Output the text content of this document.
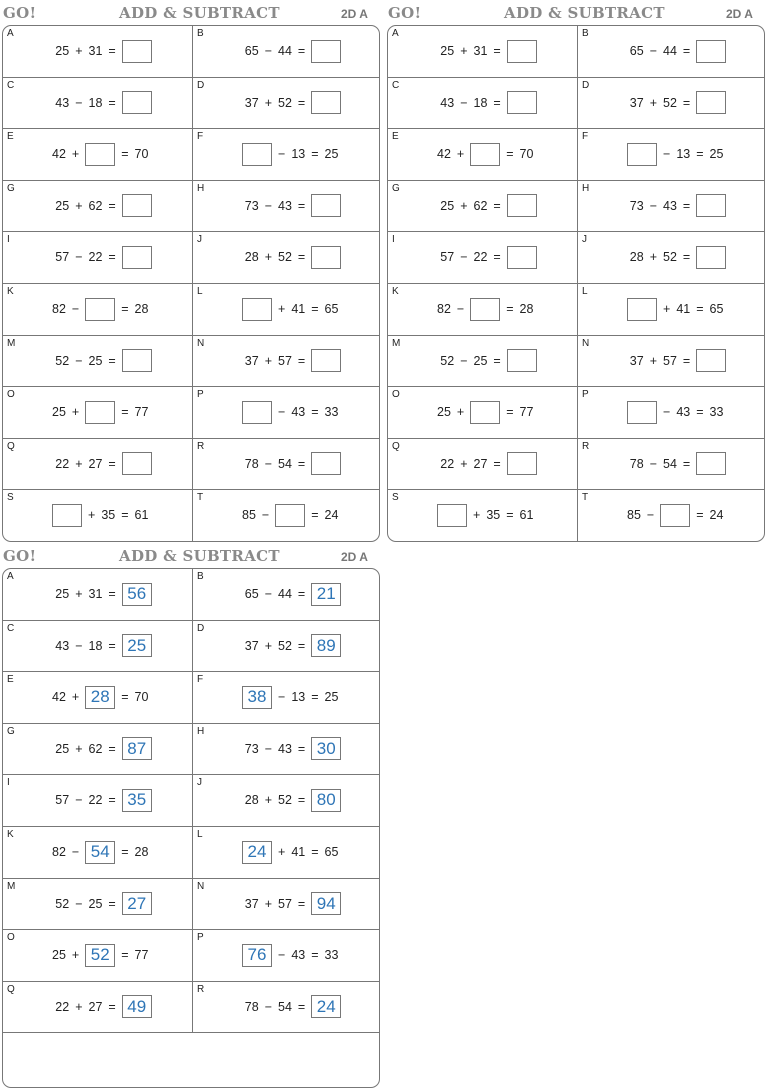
GO!	ADD & SUBTRACT	2D A
A
25 + 31 =
B
65 − 44 =
C
43 − 18 =
D
37 + 52 =
E
42 +	= 70
F
− 13 = 25
G
25 + 62 =
H
73 − 43 =
I
57 − 22 =
J
28 + 52 =
K
82 −	= 28
L
+ 41 = 65
M
52 − 25 =
N
37 + 57 =
O
25 +	= 77
P
− 43 = 33
Q
22 + 27 =
R
78 − 54 =
S
+ 35 = 61
T
85 −	= 24
GO!	ADD & SUBTRACT	2D A
A
25 + 31 =
B
65 − 44 =
C
43 − 18 =
D
37 + 52 =
E
42 +	= 70
F
− 13 = 25
G
25 + 62 =
H
73 − 43 =
I
57 − 22 =
J
28 + 52 =
K
82 −	= 28
L
+ 41 = 65
M
52 − 25 =
N
37 + 57 =
O
25 +	= 77
P
− 43 = 33
Q
22 + 27 =
R
78 − 54 =
S
+ 35 = 61
T
85 −	= 24
GO!	ADD & SUBTRACT	2D A
A
25 + 31 = 56
B
65 − 44 = 21
C
43 − 18 = 25
D
37 + 52 = 89
E
42 + 28 = 70
F
38 − 13 = 25
G
25 + 62 = 87
H
73 − 43 = 30
I
57 − 22 = 35
J
28 + 52 = 80
K
82 − 54 = 28
L
24 + 41 = 65
M
52 − 25 = 27
N
37 + 57 = 94
O
25 + 52 = 77
P
76 − 43 = 33
Q
22 + 27 = 49
R
78 − 54 = 24
